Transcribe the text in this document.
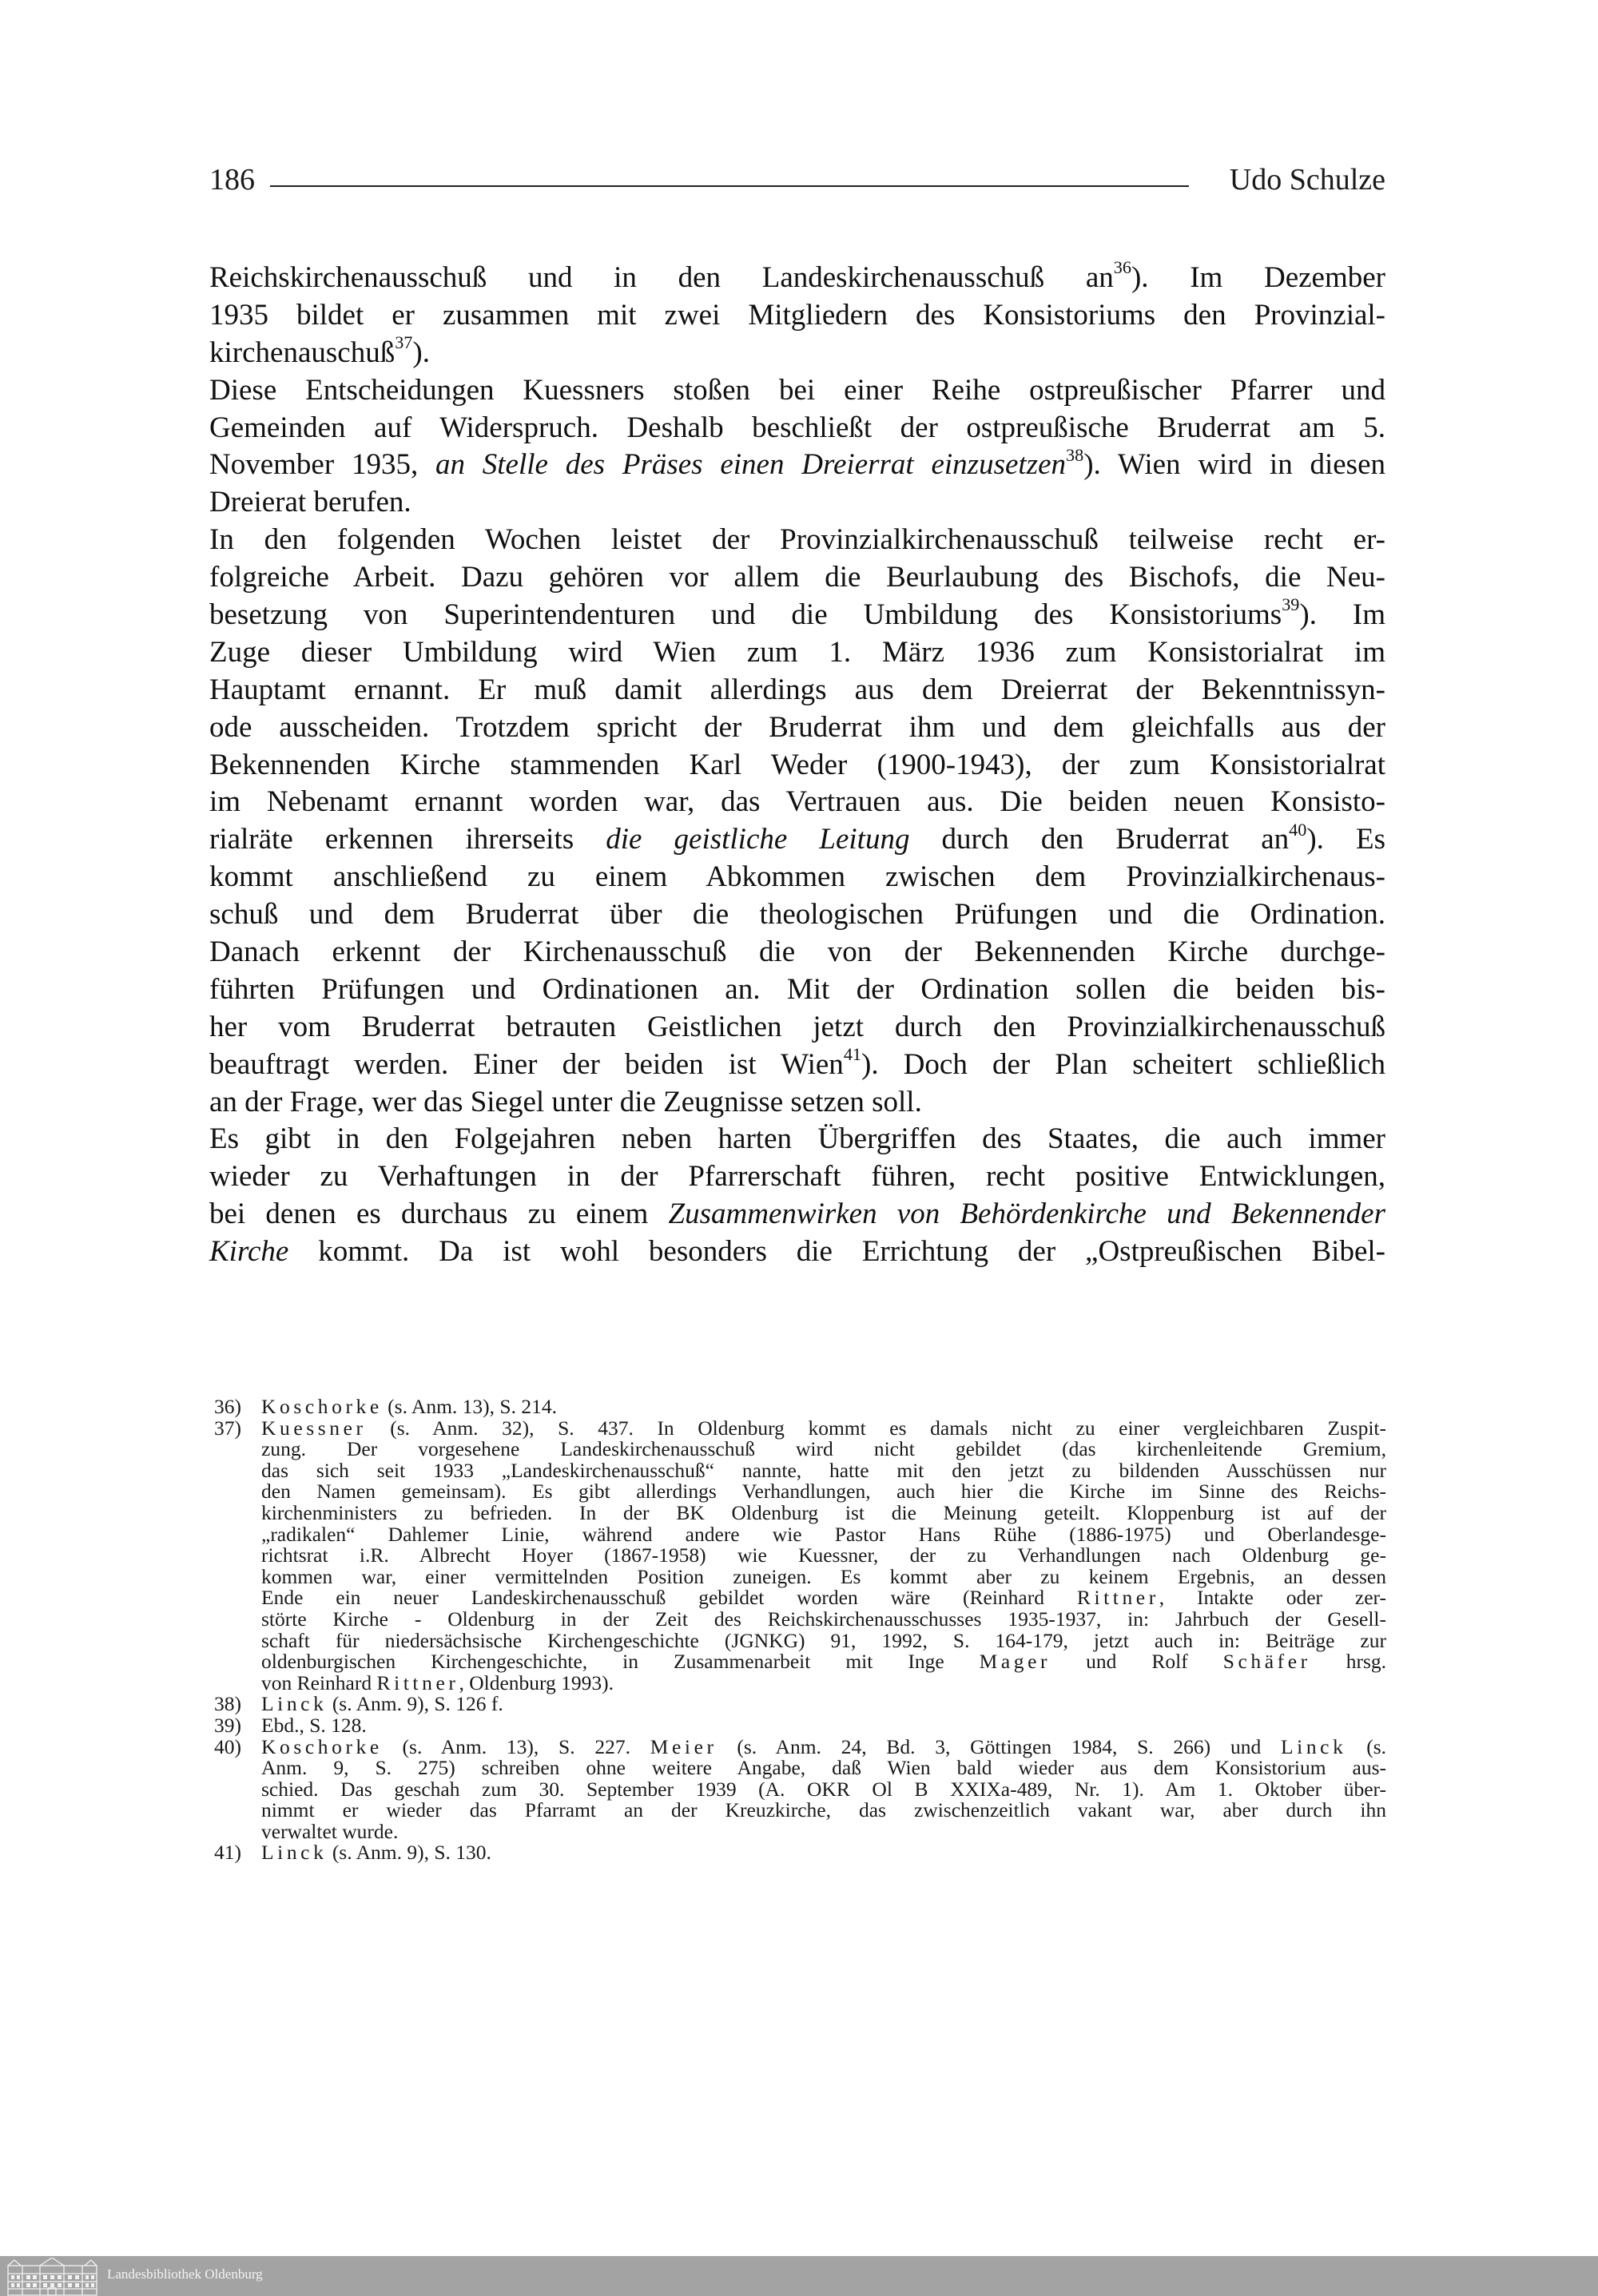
186	Udo Schulze
Reichskirchenausschuß und in den Landeskirchenausschuß $an^{36}$). Im Dezember
1935 bildet er zusammen mit zwei Mitgliedern des Konsistoriums den Provinzial-
kirchenauschuß$^{37}$).
Diese Entscheidungen Kuessners stoßen bei einer Reihe ostpreußischer Pfarrer und
Gemeinden auf Widerspruch. Deshalb beschließt der ostpreußische Bruderrat am 5.
November 1935, an Stelle des Präses einen Dreierrat einzusetzen$^{38}$). Wien wird in diesen
Dreierat berufen.
In den folgenden Wochen leistet der Provinzialkirchenausschuß teilweise recht er-
folgreiche Arbeit. Dazu gehören vor allem die Beurlaubung des Bischofs, die Neu-
besetzung von Superintendenturen und die Umbildung des Konsistoriums$^{39}$). Im
Zuge dieser Umbildung wird Wien zum 1. März 1936 zum Konsistorialrat im
Hauptamt ernannt. Er muß damit allerdings aus dem Dreierrat der Bekenntnissyn-
ode ausscheiden. Trotzdem spricht der Bruderrat ihm und dem gleichfalls aus der
Bekennenden Kirche stammenden Karl Weder (1900-1943), der zum Konsistorialrat
im Nebenamt ernannt worden war, das Vertrauen aus. Die beiden neuen Konsisto-
rialräte erkennen ihrerseits die geistliche Leitung durch den Bruderrat $an^{40}$). Es
kommt anschließend zu einem Abkommen zwischen dem Provinzialkirchenaus-
schuß und dem Bruderrat über die theologischen Prüfungen und die Ordination.
Danach erkennt der Kirchenausschuß die von der Bekennenden Kirche durchge-
führten Prüfungen und Ordinationen an. Mit der Ordination sollen die beiden bis-
her vom Bruderrat betrauten Geistlichen jetzt durch den Provinzialkirchenausschuß
beauftragt werden. Einer der beiden ist Wien$^{41}$). Doch der Plan scheitert schließlich
an der Frage, wer das Siegel unter die Zeugnisse setzen soll.
Es gibt in den Folgejahren neben harten Übergriffen des Staates, die auch immer
wieder zu Verhaftungen in der Pfarrerschaft führen, recht positive Entwicklungen,
bei denen es durchaus zu einem Zusammenwirken von Behördenkirche und Bekennender
Kirche kommt. Da ist wohl besonders die Errichtung der „Ostpreußischen Bibel-
36) Koschorke (s. Anm. 13), S. 214.
37) Kuessner (s. Anm. 32), S. 437. In Oldenburg kommt es damals nicht zu einer vergleichbaren Zuspit-
zung. Der vorgesehene Landeskirchenausschuß wird nicht gebildet (das kirchenleitende Gremium,
das sich seit 1933 „Landeskirchenausschuß“ nannte, hatte mit den jetzt zu bildenden Ausschüssen nur
den Namen gemeinsam). Es gibt allerdings Verhandlungen, auch hier die Kirche im Sinne des Reichs-
kirchenministers zu befrieden. In der BK Oldenburg ist die Meinung geteilt. Kloppenburg ist auf der
„radikalen“ Dahlemer Linie, während andere wie Pastor Hans Rühe (1886-1975) und Oberlandesge-
richtsrat i.R. Albrecht Hoyer (1867-1958) wie Kuessner, der zu Verhandlungen nach Oldenburg ge-
kommen war, einer vermittelnden Position zuneigen. Es kommt aber zu keinem Ergebnis, an dessen
Ende ein neuer Landeskirchenausschuß gebildet worden wäre (Reinhard Rittner, Intakte oder zer-
störte Kirche - Oldenburg in der Zeit des Reichskirchenausschusses 1935-1937, in: Jahrbuch der Gesell-
schaft für niedersächsische Kirchengeschichte (JGNKG) 91, 1992, S. 164-179, jetzt auch in: Beiträge zur
oldenburgischen Kirchengeschichte, in Zusammenarbeit mit Inge Mager und Rolf Schäfer hrsg.
von Reinhard Rittner, Oldenburg 1993).
38) Linck (s. Anm. 9), S. 126 f.
39) Ebd., S. 128.
40) Koschorke (s. Anm. 13), S. 227. Meier (s. Anm. 24, Bd. 3, Göttingen 1984, S. 266) und Linck (s.
Anm. 9, S. 275) schreiben ohne weitere Angabe, daß Wien bald wieder aus dem Konsistorium aus-
schied. Das geschah zum 30. September 1939 (A. OKR Ol B XXIXa-489, Nr. 1). Am 1. Oktober über-
nimmt er wieder das Pfarramt an der Kreuzkirche, das zwischenzeitlich vakant war, aber durch ihn
verwaltet wurde.
41) Linck (s. Anm. 9), S. 130.
Landesbibliothek Oldenburg
